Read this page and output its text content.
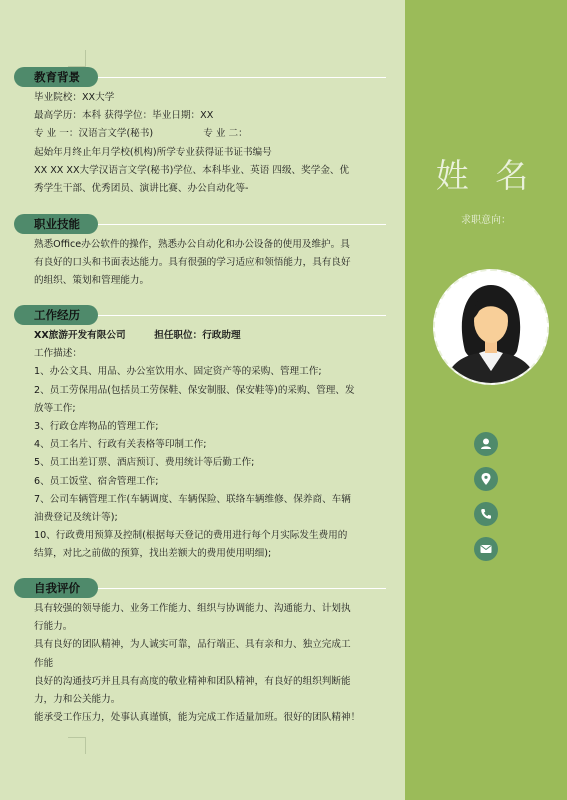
教育背景
毕业院校：XX大学
最高学历：本科 获得学位：毕业日期：XX
专 业 一：汉语言文学(秘书)	专 业 二：
起始年月终止年月学校(机构)所学专业获得证书证书编号
XX XX XX大学汉语言文学(秘书)学位、本科毕业、英语 四级、奖学金、优
秀学生干部、优秀团员、演讲比赛、办公自动化等-
职业技能
熟悉Office办公软件的操作，熟悉办公自动化和办公设备的使用及维护。具
有良好的口头和书面表达能力。具有很强的学习适应和领悟能力，具有良好
的组织、策划和管理能力。
工作经历
XX旅游开发有限公司	担任职位：行政助理
工作描述：
1、办公文具、用品、办公室饮用水、固定资产等的采购、管理工作;
2、员工劳保用品(包括员工劳保鞋、保安制服、保安鞋等)的采购、管理、发
放等工作;
3、行政仓库物品的管理工作;
4、员工名片、行政有关表格等印制工作;
5、员工出差订票、酒店预订、费用统计等后勤工作;
6、员工饭堂、宿舍管理工作;
7、公司车辆管理工作(车辆调度、车辆保险、联络车辆维修、保养商、车辆
油费登记及统计等);
10、行政费用预算及控制(根据每天登记的费用进行每个月实际发生费用的
结算，对比之前做的预算，找出差额大的费用使用明细);
自我评价
具有较强的领导能力、业务工作能力、组织与协调能力、沟通能力、计划执
行能力。
具有良好的团队精神，为人诚实可靠，品行端正、具有亲和力、独立完成工
作能
良好的沟通技巧并且具有高度的敬业精神和团队精神，有良好的组织判断能
力，力和公关能力。
能承受工作压力，处事认真谨慎，能为完成工作适量加班。很好的团队精神！
姓 名
求职意向：
